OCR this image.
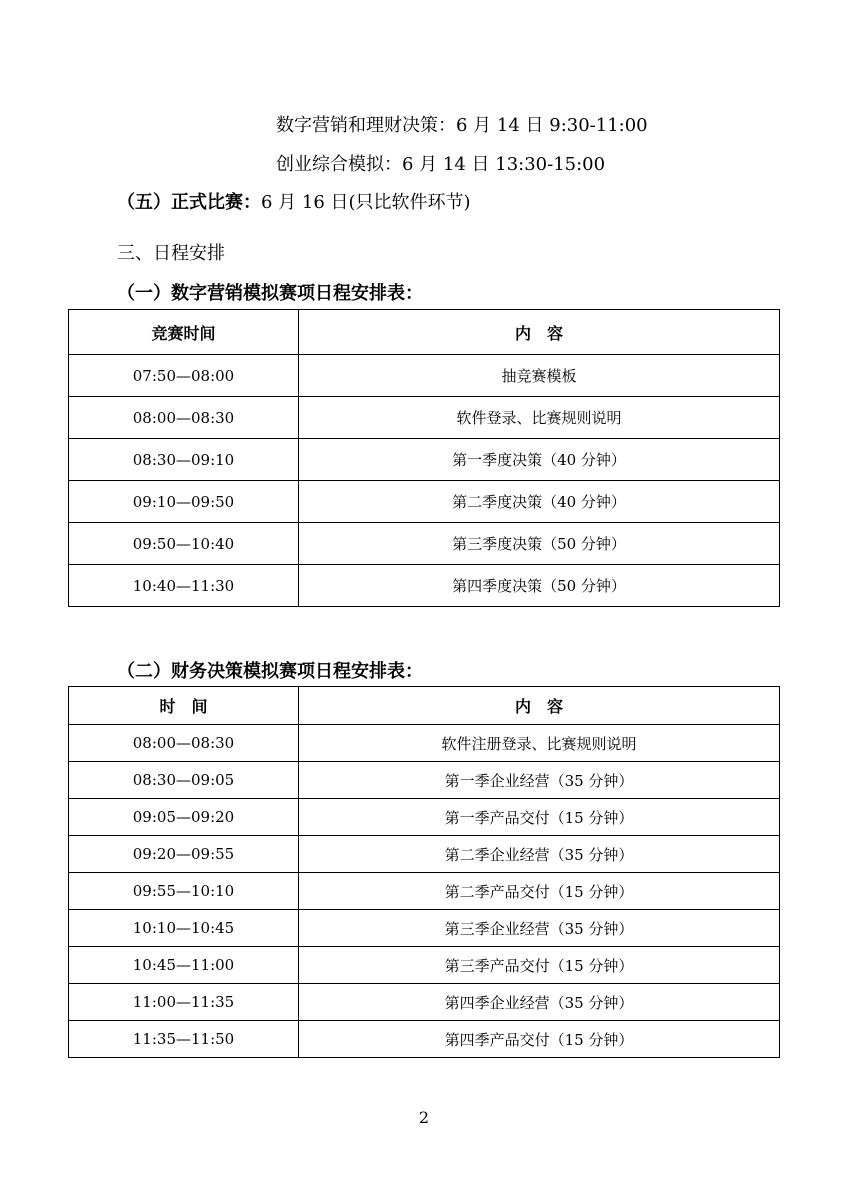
数字营销和理财决策：6 月 14 日 9:30-11:00
创业综合模拟：6 月 14 日 13:30-15:00
（五）正式比赛：6 月 16 日(只比软件环节)
三、日程安排
（一）数字营销模拟赛项日程安排表：
竞赛时间	内　容
07:50—08:00	抽竞赛模板
08:00—08:30	软件登录、比赛规则说明
08:30—09:10	第一季度决策（40 分钟）
09:10—09:50	第二季度决策（40 分钟）
09:50—10:40	第三季度决策（50 分钟）
10:40—11:30	第四季度决策（50 分钟）
（二）财务决策模拟赛项日程安排表：
时　间	内　容
08:00—08:30	软件注册登录、比赛规则说明
08:30—09:05	第一季企业经营（35 分钟）
09:05—09:20	第一季产品交付（15 分钟）
09:20—09:55	第二季企业经营（35 分钟）
09:55—10:10	第二季产品交付（15 分钟）
10:10—10:45	第三季企业经营（35 分钟）
10:45—11:00	第三季产品交付（15 分钟）
11:00—11:35	第四季企业经营（35 分钟）
11:35—11:50	第四季产品交付（15 分钟）
2
